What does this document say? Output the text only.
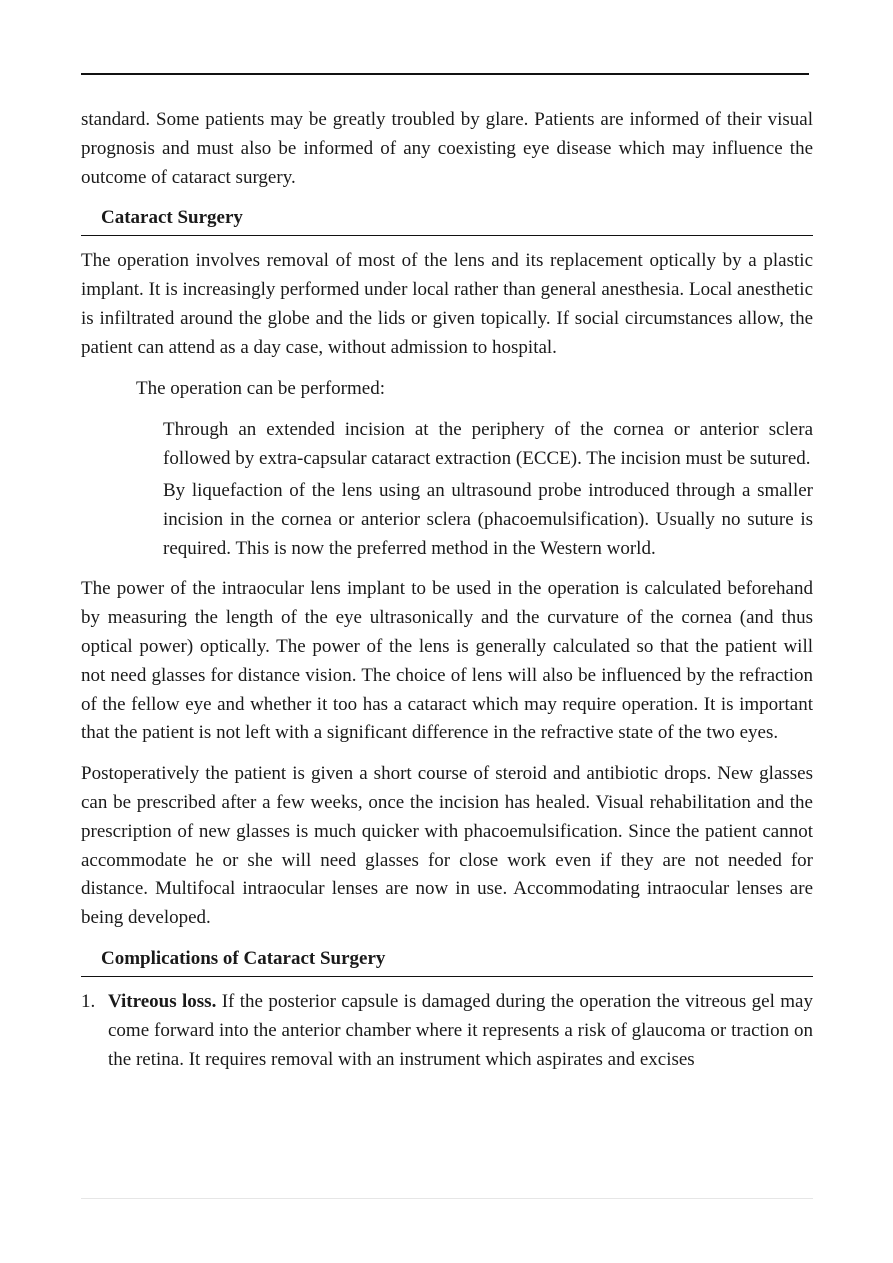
standard. Some patients may be greatly troubled by glare. Patients are informed of their visual prognosis and must also be informed of any coexisting eye disease which may influence the outcome of cataract surgery.

Cataract Surgery

The operation involves removal of most of the lens and its replacement optically by a plastic implant. It is increasingly performed under local rather than general anesthesia. Local anesthetic is infiltrated around the globe and the lids or given topically. If social circumstances allow, the patient can attend as a day case, without admission to hospital.

The operation can be performed:

Through an extended incision at the periphery of the cornea or anterior sclera followed by extra-capsular cataract extraction (ECCE). The incision must be sutured.

By liquefaction of the lens using an ultrasound probe introduced through a smaller incision in the cornea or anterior sclera (phacoemulsification). Usually no suture is required. This is now the preferred method in the Western world.

The power of the intraocular lens implant to be used in the operation is calculated beforehand by measuring the length of the eye ultrasonically and the curvature of the cornea (and thus optical power) optically. The power of the lens is generally calculated so that the patient will not need glasses for distance vision. The choice of lens will also be influenced by the refraction of the fellow eye and whether it too has a cataract which may require operation. It is important that the patient is not left with a significant difference in the refractive state of the two eyes.

Postoperatively the patient is given a short course of steroid and antibiotic drops. New glasses can be prescribed after a few weeks, once the incision has healed. Visual rehabilitation and the prescription of new glasses is much quicker with phacoemulsification. Since the patient cannot accommodate he or she will need glasses for close work even if they are not needed for distance. Multifocal intraocular lenses are now in use. Accommodating intraocular lenses are being developed.

Complications of Cataract Surgery
1. Vitreous loss. If the posterior capsule is damaged during the operation the vitreous gel may come forward into the anterior chamber where it represents a risk of glaucoma or traction on the retina. It requires removal with an instrument which aspirates and excises
